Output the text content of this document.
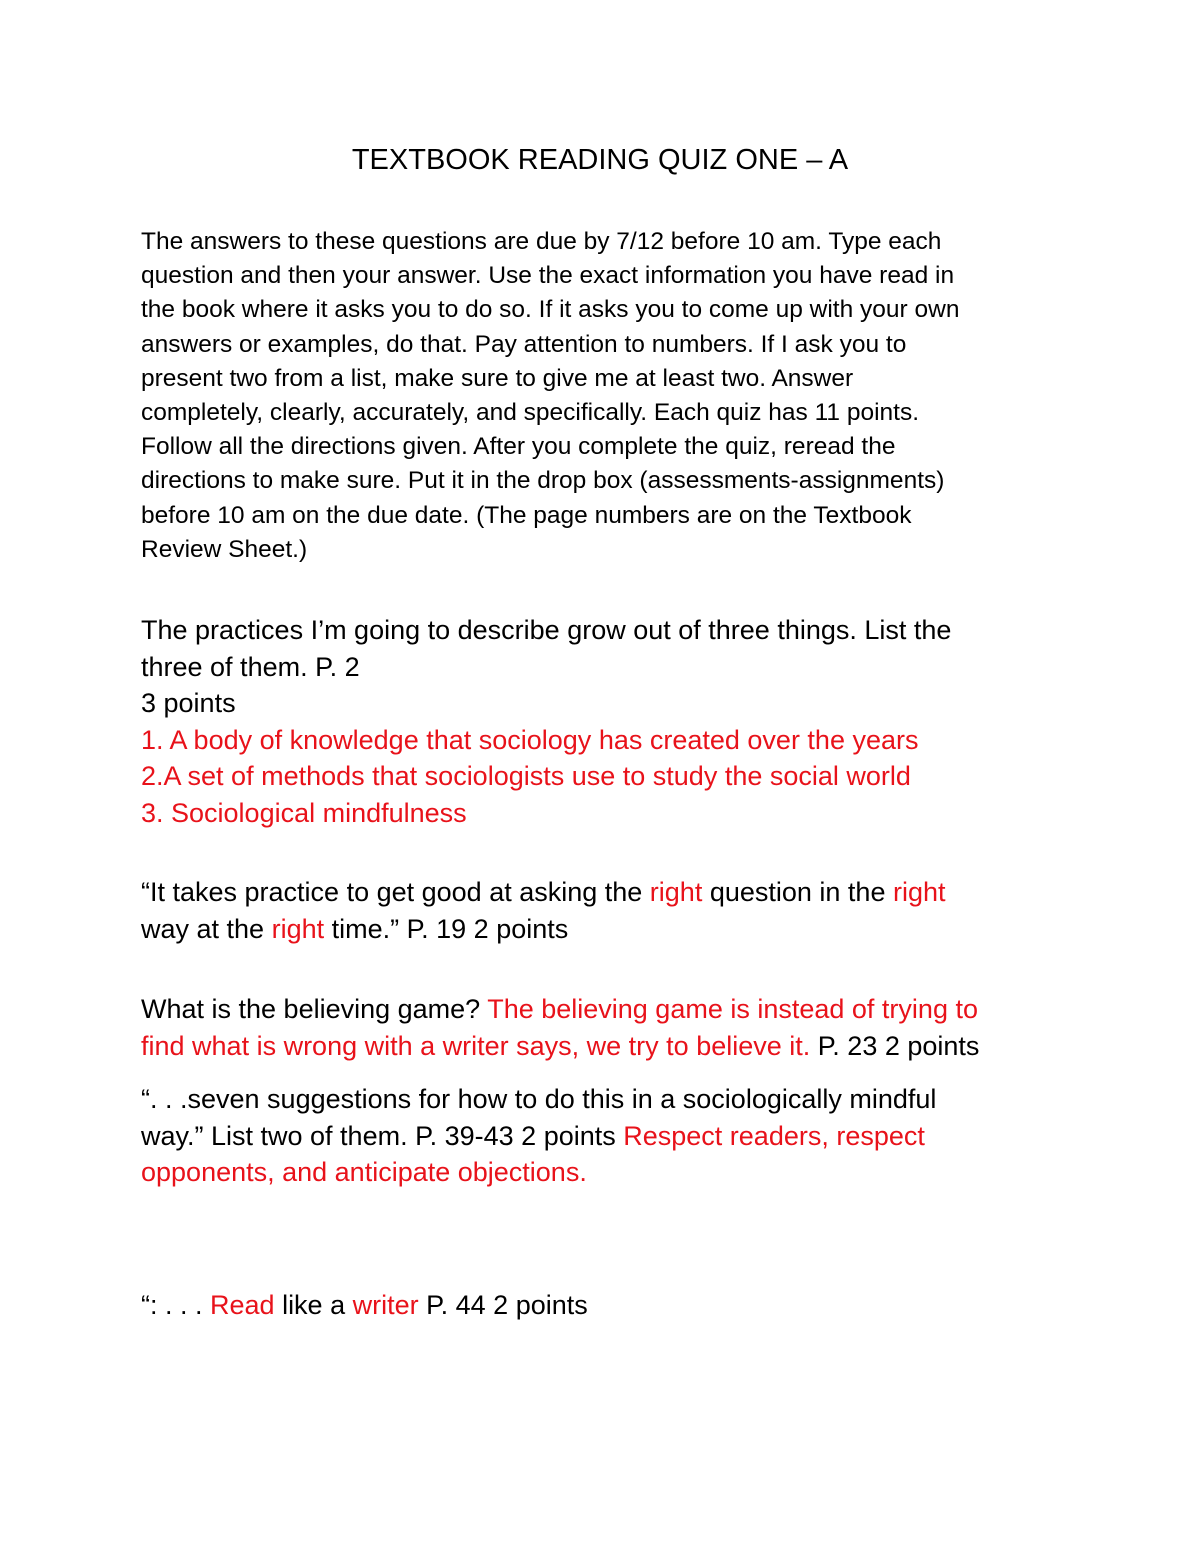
TEXTBOOK READING QUIZ ONE – A
The answers to these questions are due by 7/12 before 10 am. Type each
question and then your answer. Use the exact information you have read in
the book where it asks you to do so. If it asks you to come up with your own
answers or examples, do that. Pay attention to numbers. If I ask you to
present two from a list, make sure to give me at least two. Answer
completely, clearly, accurately, and specifically. Each quiz has 11 points.
Follow all the directions given. After you complete the quiz, reread the
directions to make sure. Put it in the drop box (assessments-assignments)
before 10 am on the due date. (The page numbers are on the Textbook
Review Sheet.)
The practices I’m going to describe grow out of three things. List the
three of them. P. 2
3 points
1. A body of knowledge that sociology has created over the years
2.A set of methods that sociologists use to study the social world
3. Sociological mindfulness
“It takes practice to get good at asking the right question in the right
way at the right time.” P. 19 2 points
What is the believing game? The believing game is instead of trying to
find what is wrong with a writer says, we try to believe it. P. 23 2 points
“. . .seven suggestions for how to do this in a sociologically mindful
way.” List two of them. P. 39-43 2 points Respect readers, respect
opponents, and anticipate objections.
“: . . . Read like a writer P. 44 2 points
